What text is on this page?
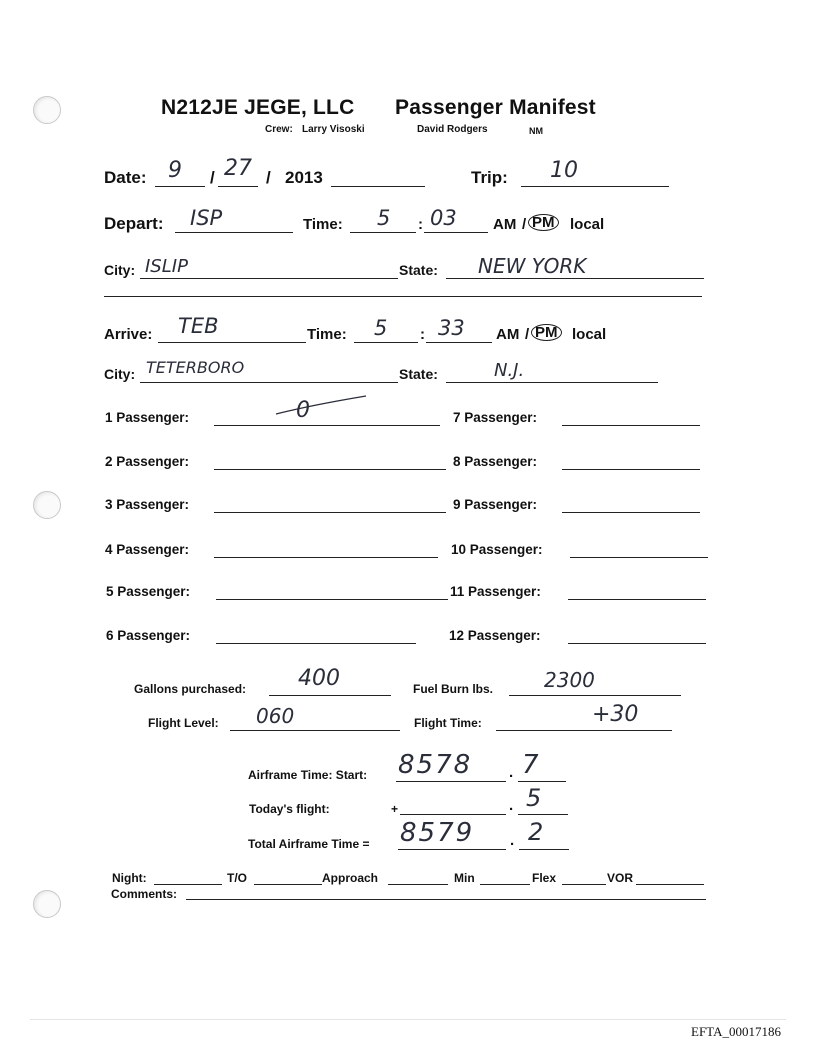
N212JE JEGE, LLC Passenger Manifest
Crew: Larry Visoski	David Rodgers	NM
Date: 9 / 27 / 2013	Trip: 10
Depart: ISP	Time: 5 : 03 AM / PM local
City: ISLIP	State: NEW YORK
Arrive: TEB	Time: 5 : 33 AM / PM local
City: TETERBORO	State:	N.J.
1 Passenger:	0
2 Passenger:
3 Passenger:
4 Passenger:
5 Passenger:
6 Passenger:
7 Passenger:
8 Passenger:
9 Passenger:
10 Passenger:
11 Passenger:
12 Passenger:
Gallons purchased: 400	Fuel Burn lbs.	2300
Flight Level: 060	Flight Time:	+30
Airframe Time: Start: 8578 . 7
Today's flight:	+	. 5
Total Airframe Time = 8579 . 2
Night:	T/O	Approach	Min	Flex	VOR
Comments:
EFTA_00017186
